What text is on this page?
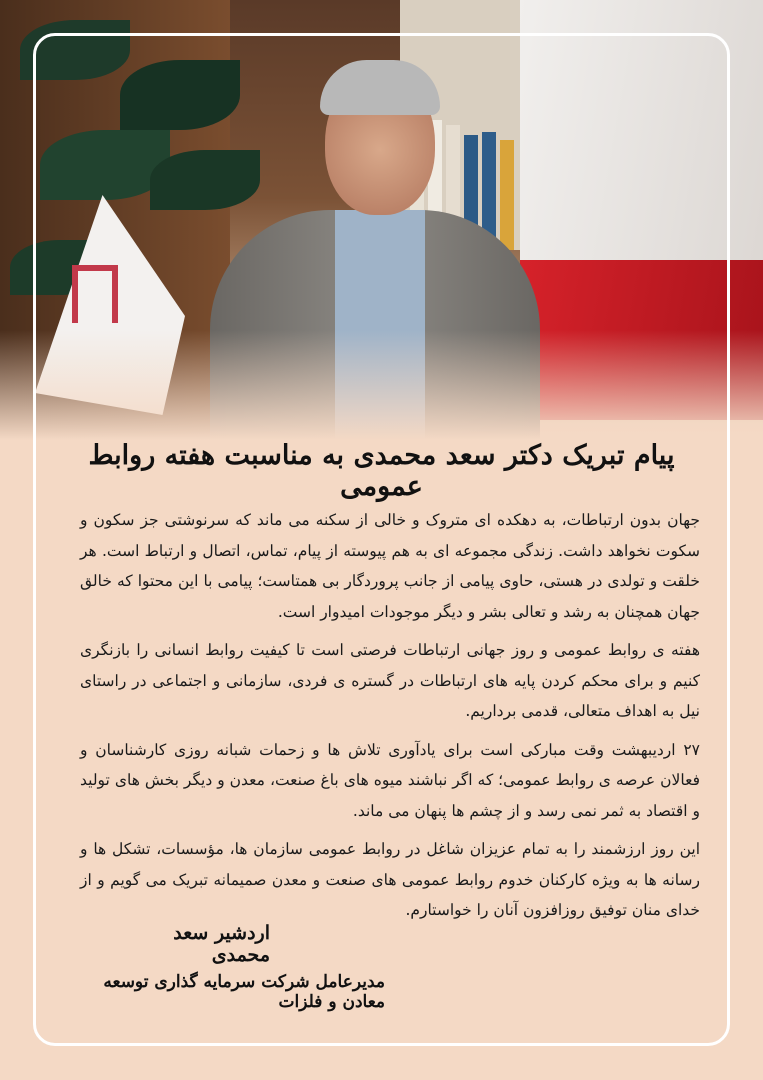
پیام تبریک دکتر سعد محمدی به مناسبت هفته روابط عمومی

جهان بدون ارتباطات، به دهکده ای متروک و خالی از سکنه می ماند که سرنوشتی جز سکون و سکوت نخواهد داشت. زندگی مجموعه ای به هم پیوسته از پیام، تماس، اتصال و ارتباط است. هر خلقت و تولدی در هستی، حاوی پیامی از جانب پروردگار بی همتاست؛ پیامی با این محتوا که خالق جهان همچنان به رشد و تعالی بشر و دیگر موجودات امیدوار است.

هفته ی روابط عمومی و روز جهانی ارتباطات فرصتی است تا کیفیت روابط انسانی را بازنگری کنیم و برای محکم کردن پایه های ارتباطات در گستره ی فردی، سازمانی و اجتماعی در راستای نیل به اهداف متعالی، قدمی برداریم.

۲۷ اردیبهشت وقت مبارکی است برای یادآوری تلاش ها و زحمات شبانه روزی کارشناسان و فعالان عرصه ی روابط عمومی؛ که اگر نباشند میوه های باغ صنعت، معدن و دیگر بخش های تولید و اقتصاد به ثمر نمی رسد و از چشم ها پنهان می ماند.

این روز ارزشمند را به تمام عزیزان شاغل در روابط عمومی سازمان ها، مؤسسات، تشکل ها و رسانه ها به ویژه کارکنان خدوم روابط عمومی های صنعت و معدن صمیمانه تبریک می گویم و از خدای منان توفیق روزافزون آنان را خواستارم.

اردشیر سعد محمدی
مدیرعامل شرکت سرمایه گذاری توسعه معادن و فلزات
